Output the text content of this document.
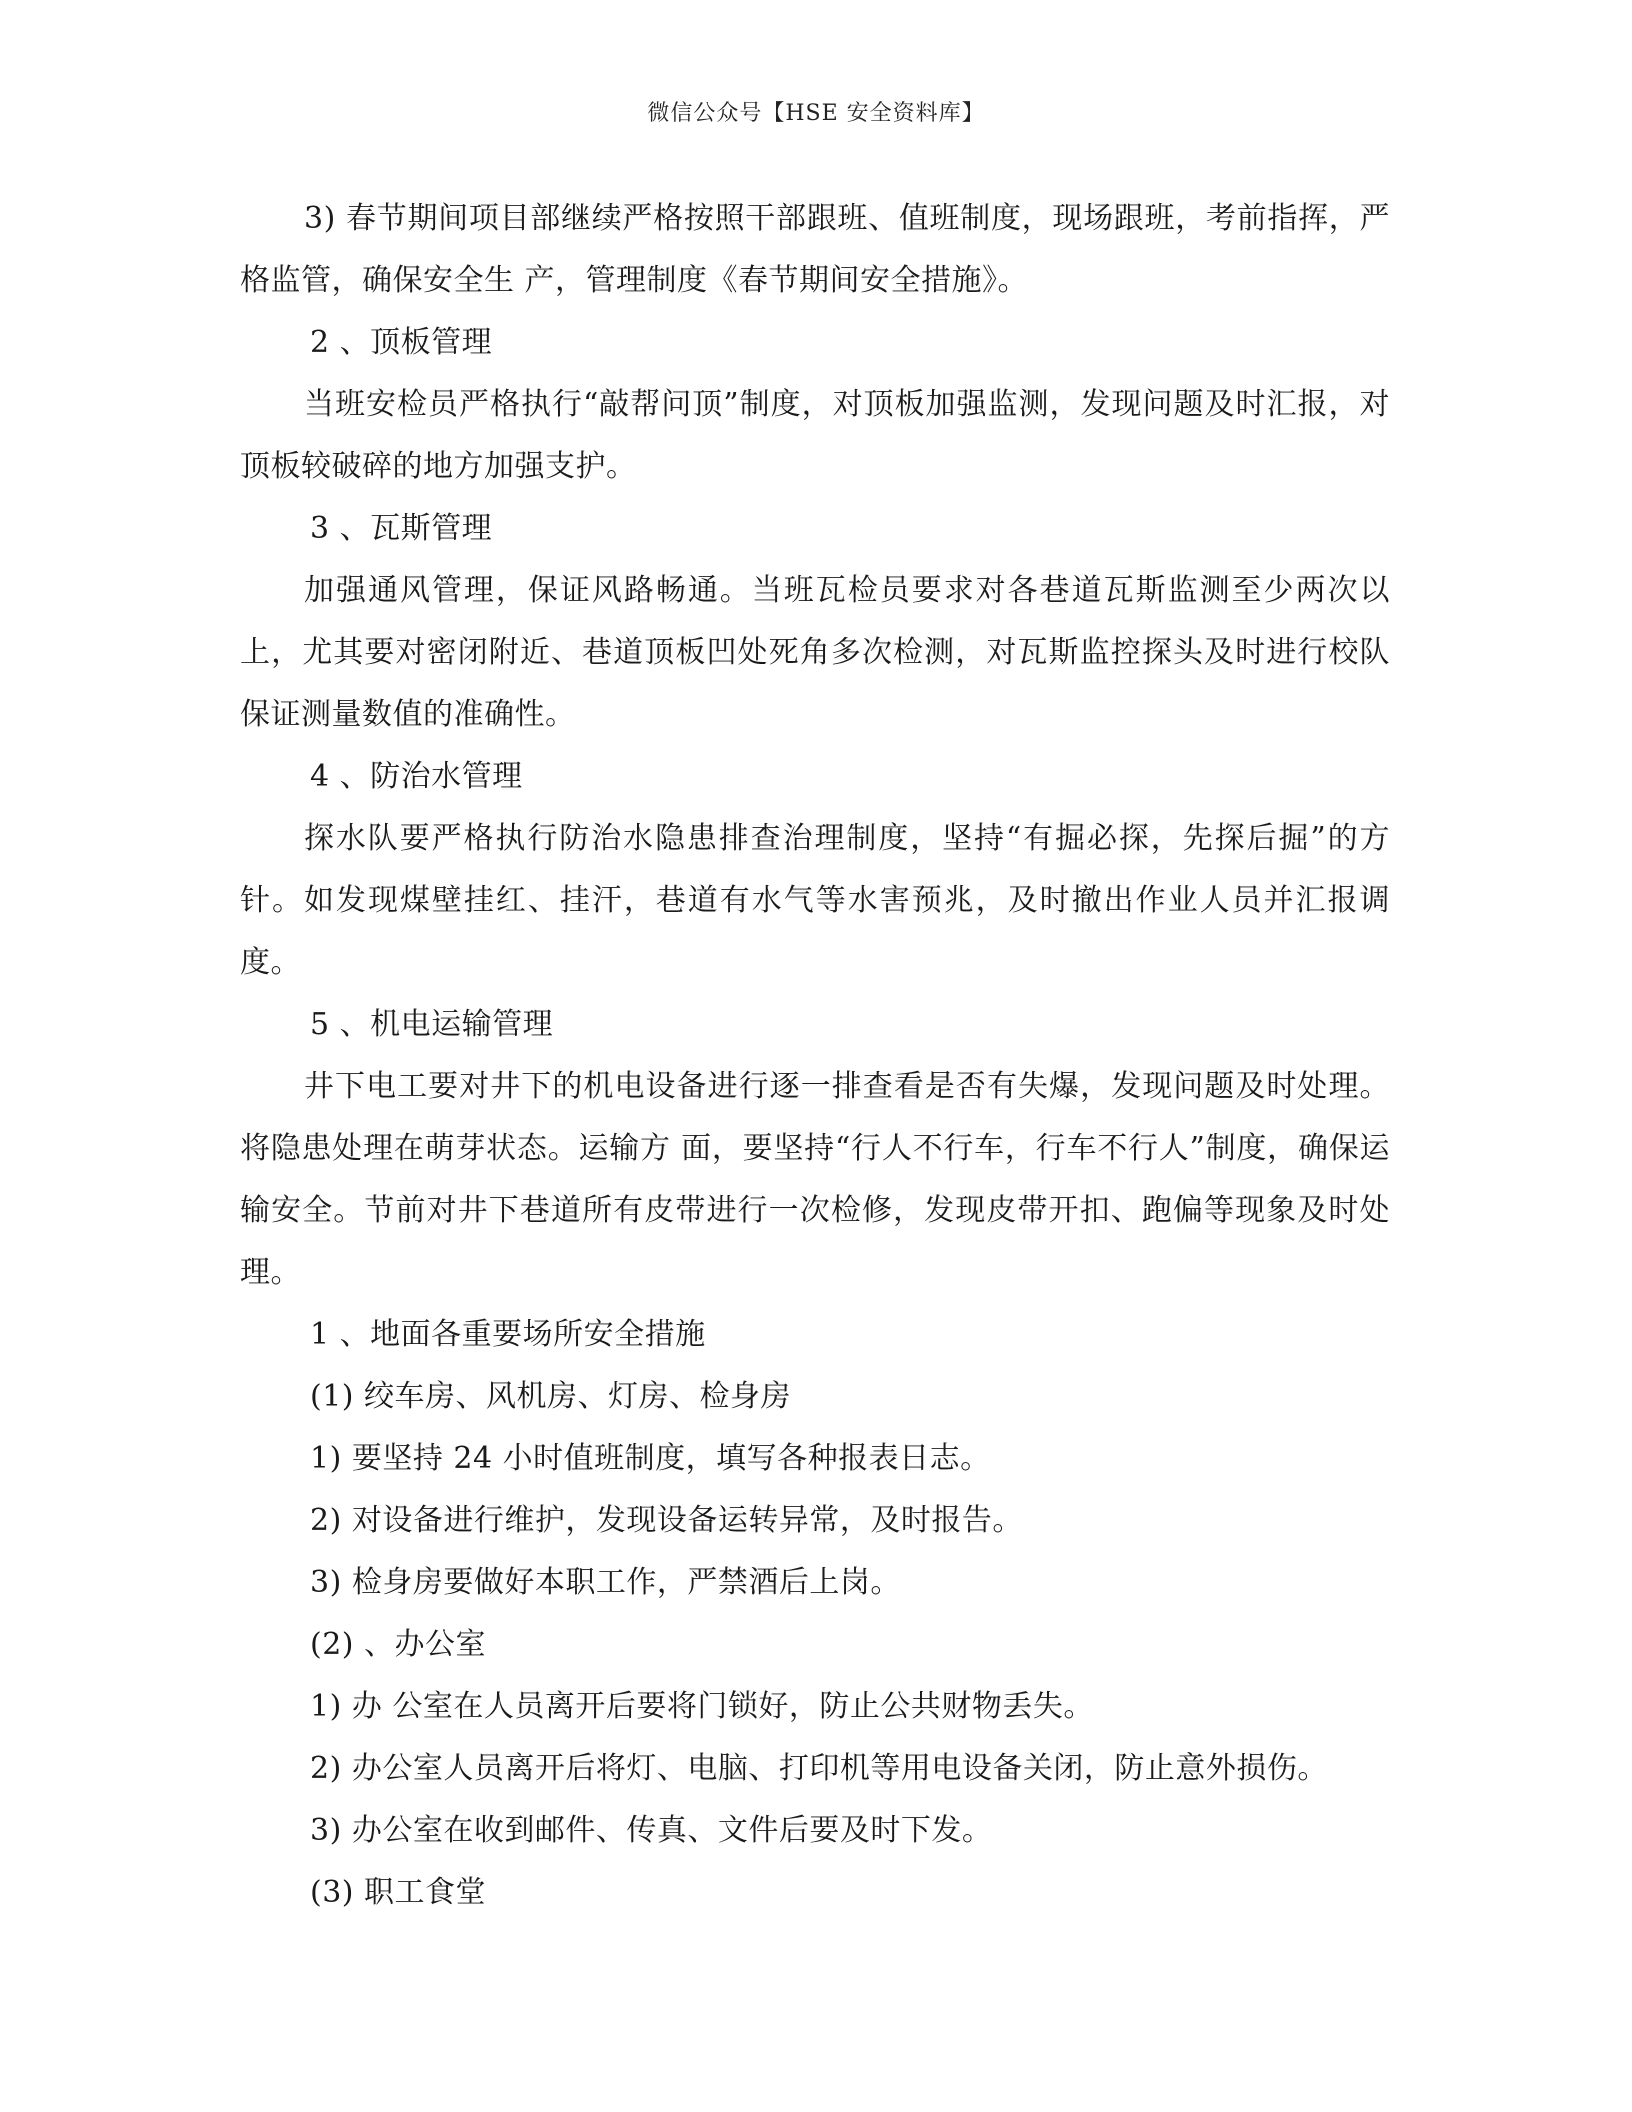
微信公众号【HSE 安全资料库】

3) 春节期间项目部继续严格按照干部跟班、值班制度，现场跟班，考前指挥，严格监管，确保安全生 产，管理制度《春节期间安全措施》。

2 、顶板管理

当班安检员严格执行“敲帮问顶”制度，对顶板加强监测，发现问题及时汇报，对顶板较破碎的地方加强支护。

3 、瓦斯管理

加强通风管理，保证风路畅通。当班瓦检员要求对各巷道瓦斯监测至少两次以上，尤其要对密闭附近、巷道顶板凹处死角多次检测，对瓦斯监控探头及时进行校队保证测量数值的准确性。

4 、防治水管理

探水队要严格执行防治水隐患排查治理制度，坚持“有掘必探，先探后掘”的方针。如发现煤壁挂红、挂汗，巷道有水气等水害预兆，及时撤出作业人员并汇报调度。

5 、机电运输管理

井下电工要对井下的机电设备进行逐一排查看是否有失爆，发现问题及时处理。将隐患处理在萌芽状态。运输方 面，要坚持“行人不行车，行车不行人”制度，确保运输安全。节前对井下巷道所有皮带进行一次检修，发现皮带开扣、跑偏等现象及时处理。

1 、地面各重要场所安全措施

(1) 绞车房、风机房、灯房、检身房

1) 要坚持 24 小时值班制度，填写各种报表日志。

2) 对设备进行维护，发现设备运转异常，及时报告。

3) 检身房要做好本职工作，严禁酒后上岗。

(2) 、办公室

1) 办 公室在人员离开后要将门锁好，防止公共财物丢失。

2) 办公室人员离开后将灯、电脑、打印机等用电设备关闭，防止意外损伤。

3) 办公室在收到邮件、传真、文件后要及时下发。

(3) 职工食堂
